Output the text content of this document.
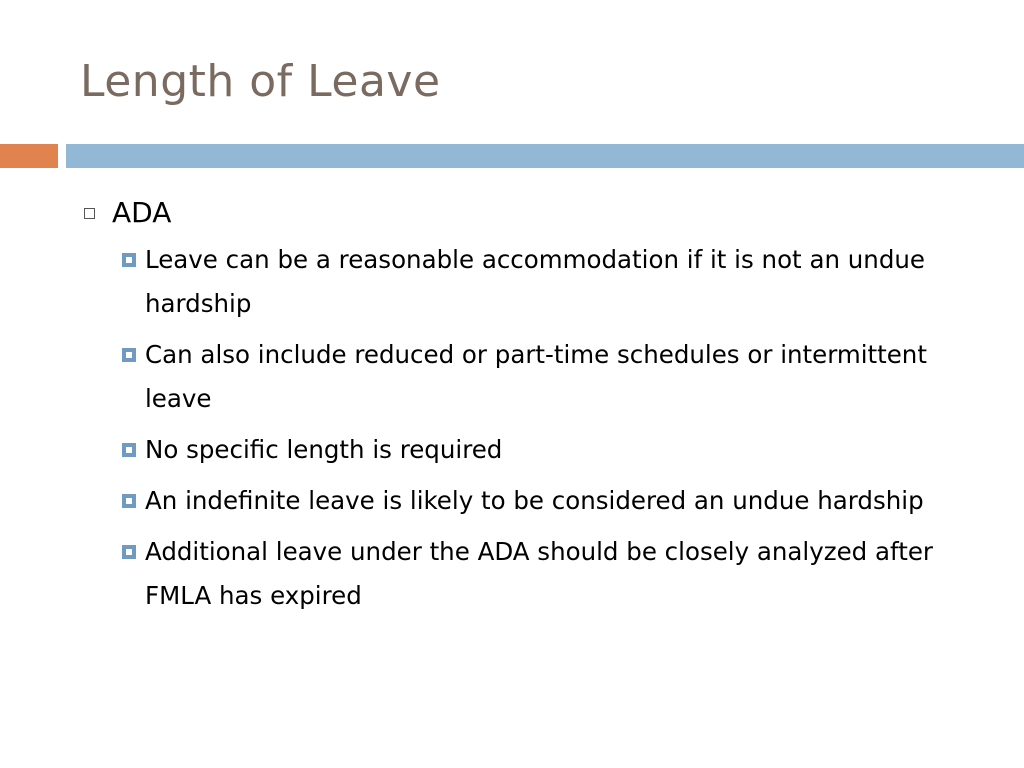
Length of Leave
ADA
Leave can be a reasonable accommodation if it is not an undue hardship
Can also include reduced or part-time schedules or intermittent leave
No specific length is required
An indefinite leave is likely to be considered an undue hardship
Additional leave under the ADA should be closely analyzed after FMLA has expired
